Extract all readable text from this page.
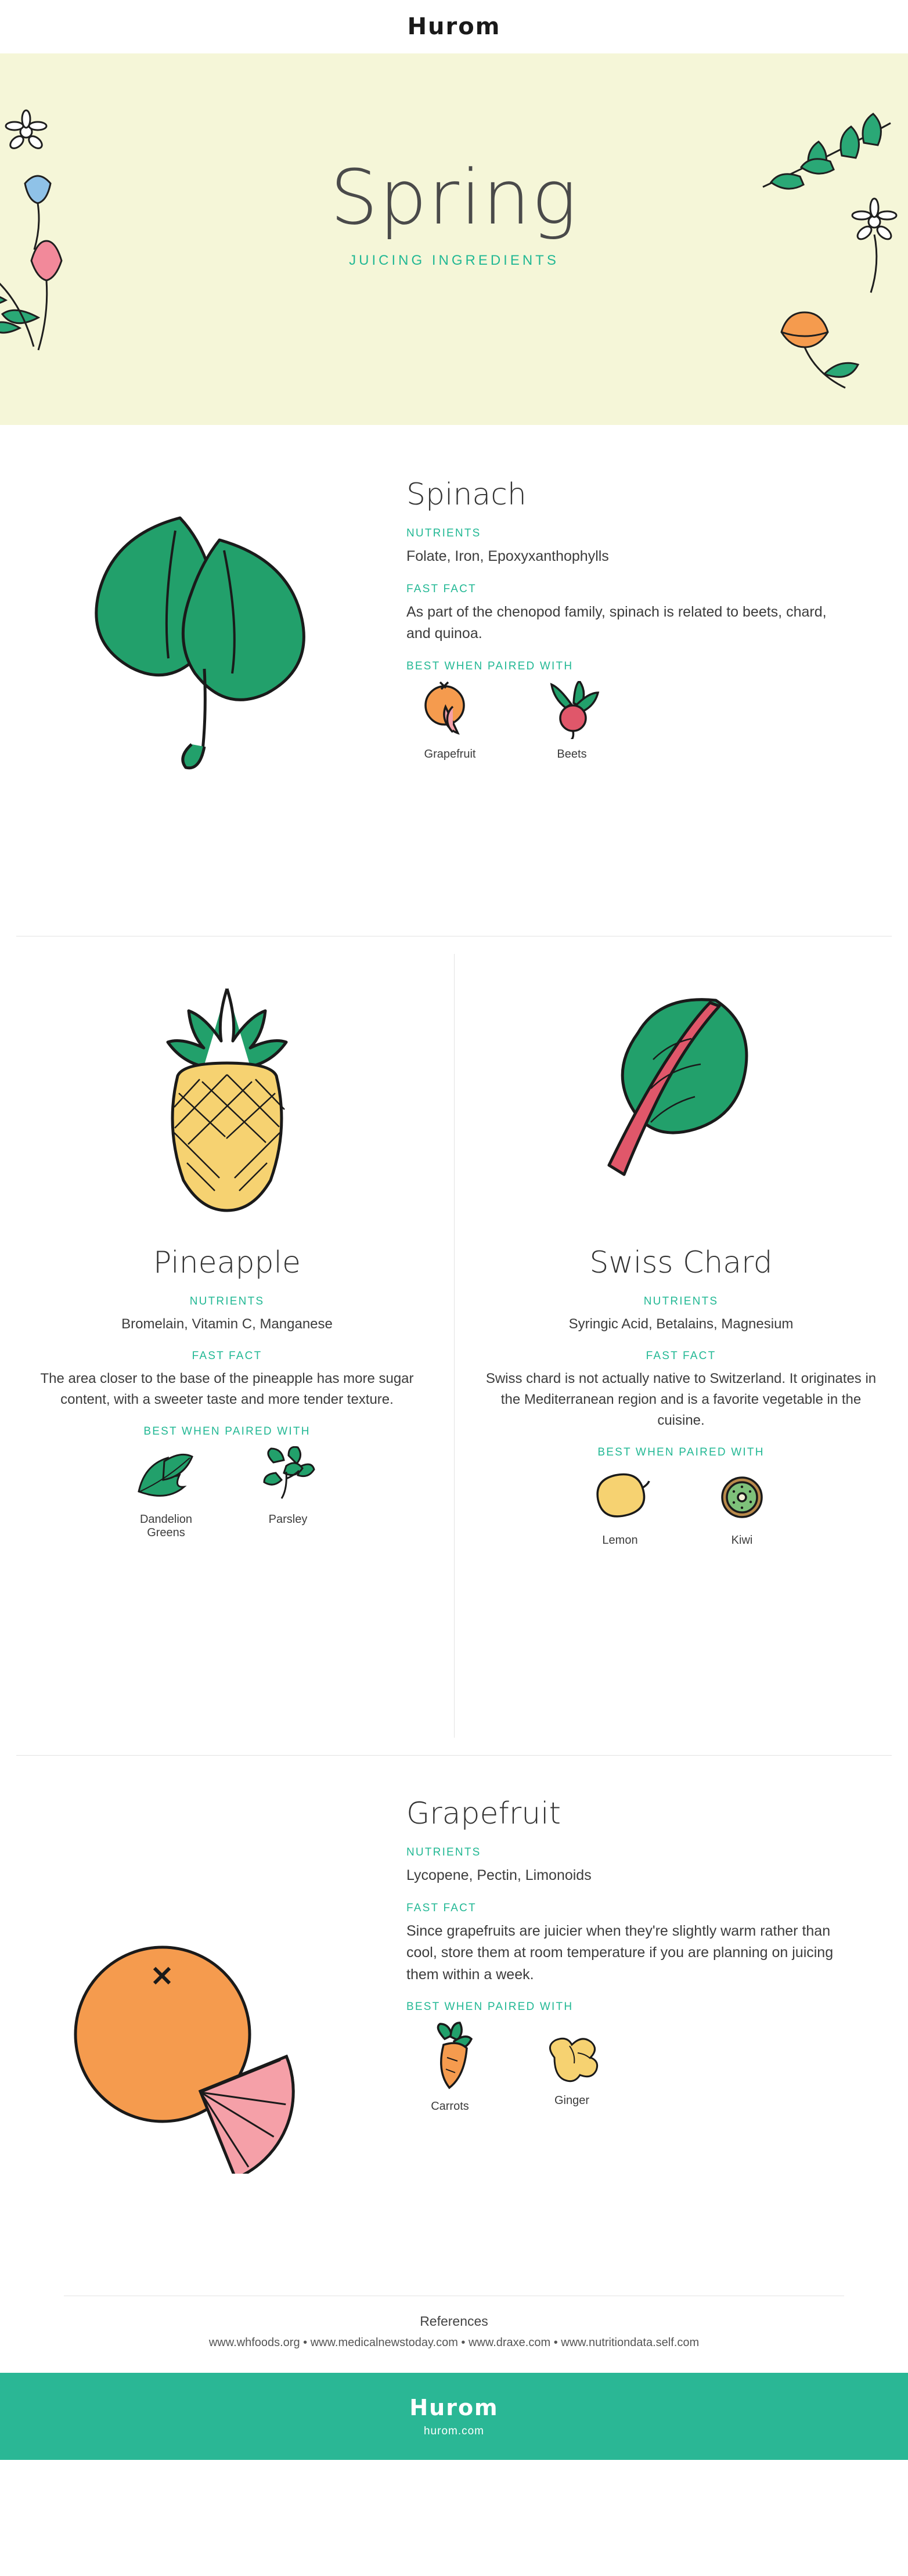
Hurom
Spring
JUICING INGREDIENTS
Spinach
NUTRIENTS
Folate, Iron, Epoxyxanthophylls
FAST FACT
As part of the chenopod family, spinach is related to beets, chard, and quinoa.
BEST WHEN PAIRED WITH
Grapefruit	Beets
Pineapple
NUTRIENTS
Bromelain, Vitamin C, Manganese
FAST FACT
The area closer to the base of the pineapple has more sugar content, with a sweeter taste and more tender texture.
BEST WHEN PAIRED WITH
Dandelion Greens
Parsley
Swiss Chard
NUTRIENTS
Syringic Acid, Betalains, Magnesium
FAST FACT
Swiss chard is not actually native to Switzerland. It originates in the Mediterranean region and is a favorite vegetable in the cuisine.
BEST WHEN PAIRED WITH
Lemon	Kiwi
Grapefruit
NUTRIENTS
Lycopene, Pectin, Limonoids
FAST FACT
Since grapefruits are juicier when they're slightly warm rather than cool, store them at room temperature if you are planning on juicing them within a week.
BEST WHEN PAIRED WITH
Carrots	Ginger
References
www.whfoods.org • www.medicalnewstoday.com • www.draxe.com • www.nutritiondata.self.com
Hurom
hurom.com
